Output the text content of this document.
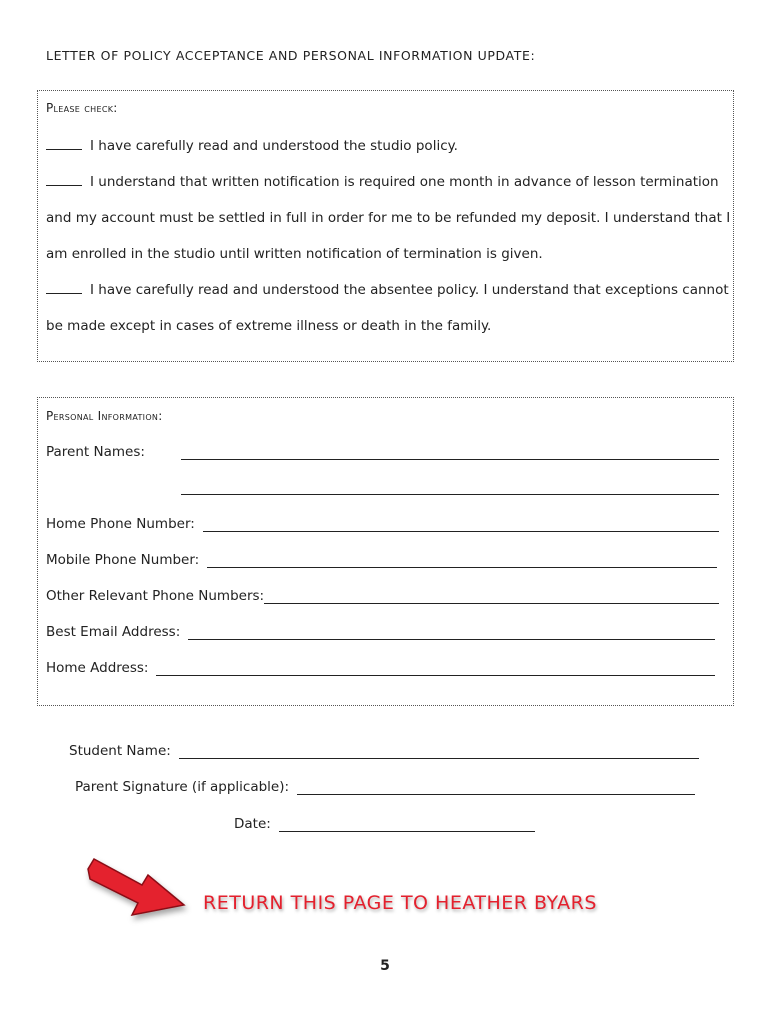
LETTER OF POLICY ACCEPTANCE AND PERSONAL INFORMATION UPDATE:
Please check:
I have carefully read and understood the studio policy.
I understand that written notification is required one month in advance of lesson termination
and my account must be settled in full in order for me to be refunded my deposit. I understand that I
am enrolled in the studio until written notification of termination is given.
I have carefully read and understood the absentee policy. I understand that exceptions cannot
be made except in cases of extreme illness or death in the family.
Personal Information:
Parent Names:
Home Phone Number:
Mobile Phone Number:
Other Relevant Phone Numbers:
Best Email Address:
Home Address:
Student Name:
Parent Signature (if applicable):
Date:
RETURN THIS PAGE TO HEATHER BYARS
5
